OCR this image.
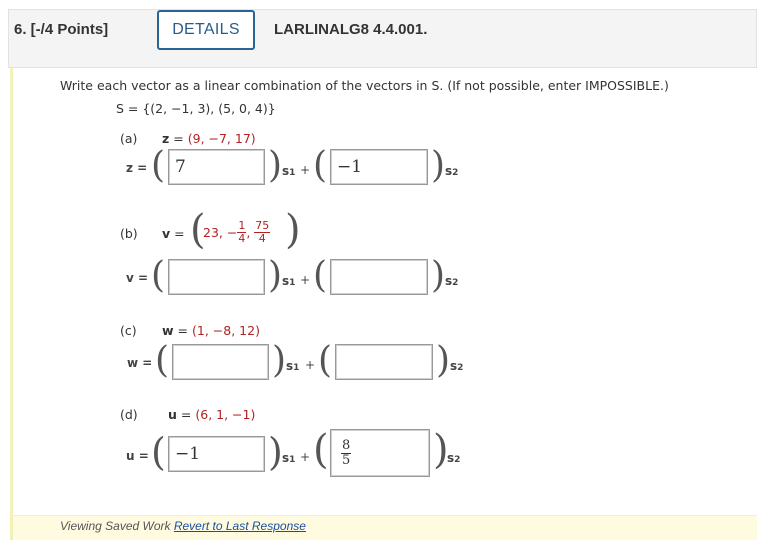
6. [-/4 Points]	DETAILS	LARLINALG8 4.4.001.
Write each vector as a linear combination of the vectors in S. (If not possible, enter IMPOSSIBLE.)
S = {(2, −1, 3), (5, 0, 4)}
(a) z = (9, −7, 17)
z = ( 7 ) s1 + ( −1 ) s2
(b) v = (
23, − $\frac{1}{4}$ , $\frac{75}{4}$ )
v = (	) s1 + (	) s2
(c) w = (1, −8, 12)
w = (	) s1 + (	) s2
(d) u = (6, 1, −1)
u = ( −1 ) s1 + ( $\frac{8}{5}$ )
s2
Viewing Saved Work Revert to Last Response
